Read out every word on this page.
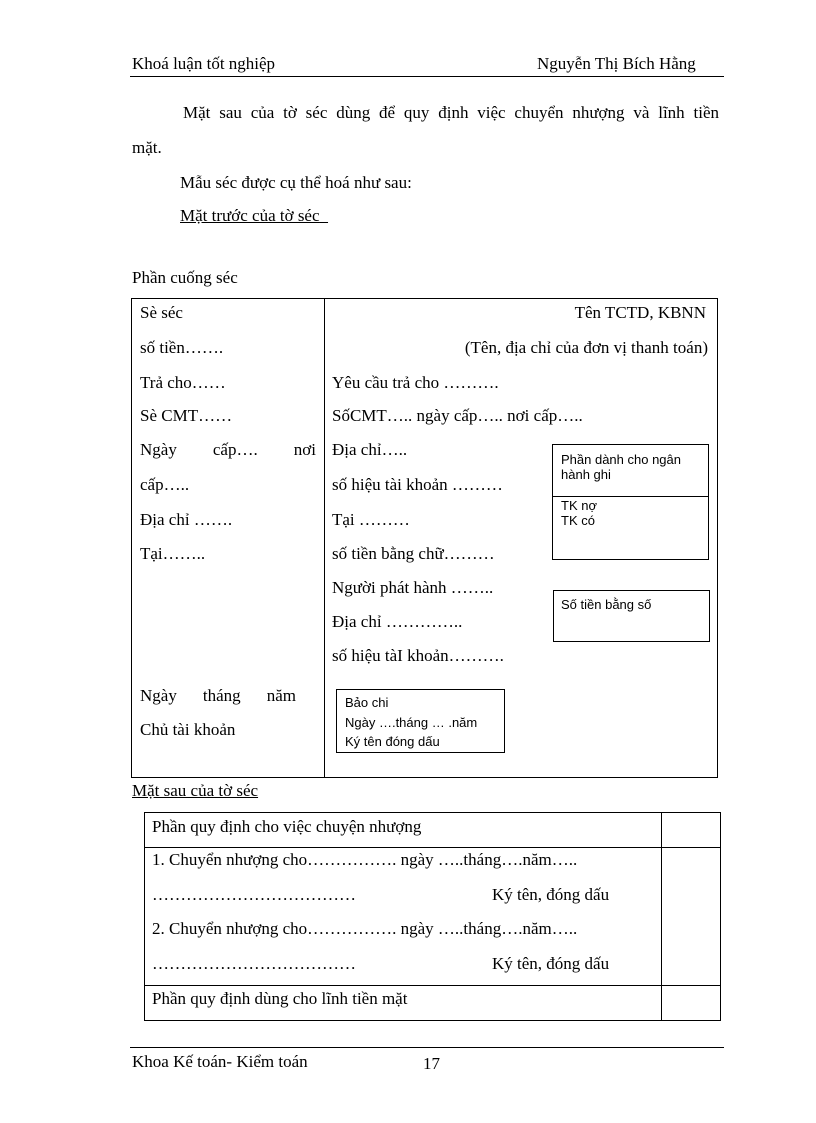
Khoá luận tốt nghiệp	Nguyễn Thị Bích Hằng
Mặt sau của tờ séc dùng để quy định việc chuyển nhượng và lĩnh tiền
mặt.
Mẫu séc được cụ thể hoá như sau:
Mặt trước của tờ séc
Phần cuống séc
Sè séc
số tiền…….
Trả cho……
Sè CMT……
Ngày cấp…. nơi
cấp…..
Địa chỉ …….
Tại……..
Ngày tháng năm
Chủ tài khoản
Tên TCTD, KBNN
(Tên, địa chỉ của đơn vị thanh toán)
Yêu cầu trả cho ……….
SốCMT….. ngày cấp….. nơi cấp…..
Địa chỉ…..
số hiệu tài khoản ………
Tại ………
số tiền bằng chữ………
Người phát hành ……..
Địa chỉ …………..
số hiệu tàI khoản……….
Phần dành cho ngân
hành ghi
TK nợ
TK có
Số tiền bằng số
Bảo chi
Ngày ….tháng … .năm
Ký tên đóng dấu
Mặt sau của tờ séc
Phần quy định cho việc chuyện nhượng
1. Chuyển nhượng cho……………. ngày …..tháng….năm…..
………………………………	Ký tên, đóng dấu
2. Chuyển nhượng cho……………. ngày …..tháng….năm…..
………………………………	Ký tên, đóng dấu
Phần quy định dùng cho lĩnh tiền mặt
Khoa Kế toán- Kiểm toán	17
